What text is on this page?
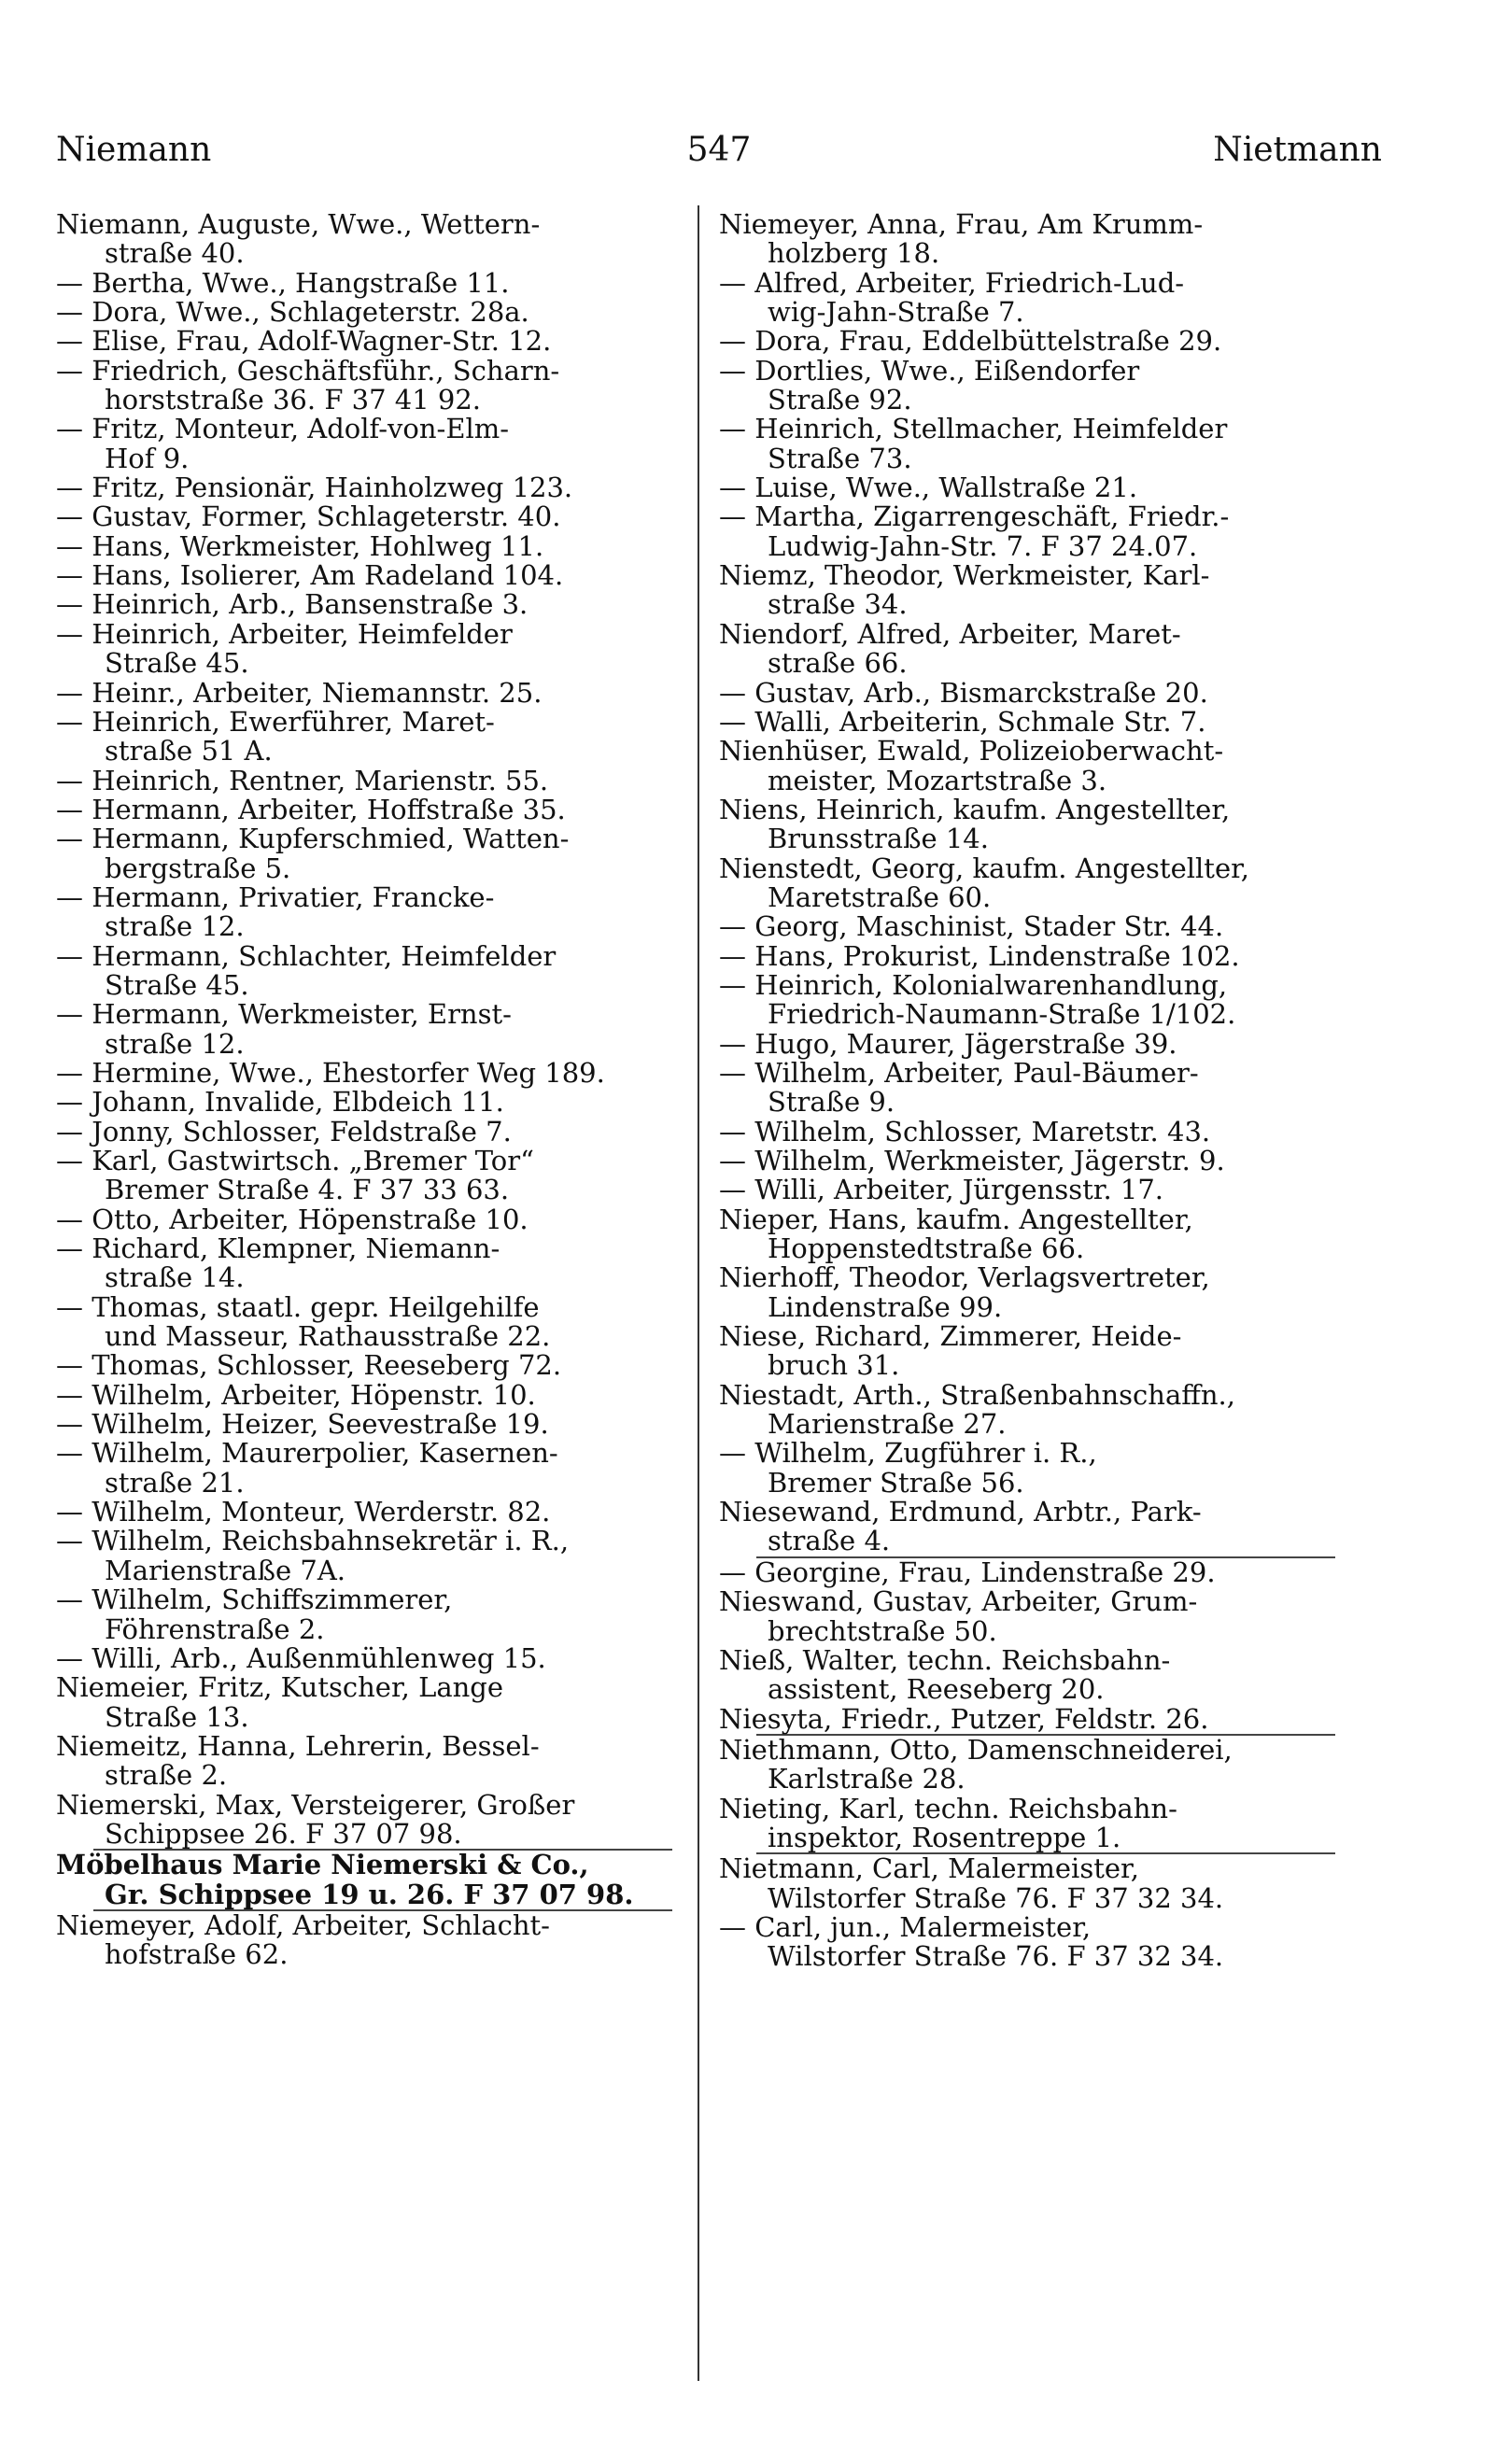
Niemann	547	Nietmann
Niemann, Auguste, Wwe., Wettern-
straße 40.
— Bertha, Wwe., Hangstraße 11.
— Dora, Wwe., Schlageterstr. 28a.
— Elise, Frau, Adolf-Wagner-Str. 12.
— Friedrich, Geschäftsführ., Scharn-
horststraße 36. F 37 41 92.
— Fritz, Monteur, Adolf-von-Elm-
Hof 9.
— Fritz, Pensionär, Hainholzweg 123.
— Gustav, Former, Schlageterstr. 40.
— Hans, Werkmeister, Hohlweg 11.
— Hans, Isolierer, Am Radeland 104.
— Heinrich, Arb., Bansenstraße 3.
— Heinrich, Arbeiter, Heimfelder
Straße 45.
— Heinr., Arbeiter, Niemannstr. 25.
— Heinrich, Ewerführer, Maret-
straße 51 A.
— Heinrich, Rentner, Marienstr. 55.
— Hermann, Arbeiter, Hoffstraße 35.
— Hermann, Kupferschmied, Watten-
bergstraße 5.
— Hermann, Privatier, Francke-
straße 12.
— Hermann, Schlachter, Heimfelder
Straße 45.
— Hermann, Werkmeister, Ernst-
straße 12.
— Hermine, Wwe., Ehestorfer Weg 189.
— Johann, Invalide, Elbdeich 11.
— Jonny, Schlosser, Feldstraße 7.
— Karl, Gastwirtsch. „Bremer Tor“
Bremer Straße 4. F 37 33 63.
— Otto, Arbeiter, Höpenstraße 10.
— Richard, Klempner, Niemann-
straße 14.
— Thomas, staatl. gepr. Heilgehilfe
und Masseur, Rathausstraße 22.
— Thomas, Schlosser, Reeseberg 72.
— Wilhelm, Arbeiter, Höpenstr. 10.
— Wilhelm, Heizer, Seevestraße 19.
— Wilhelm, Maurerpolier, Kasernen-
straße 21.
— Wilhelm, Monteur, Werderstr. 82.
— Wilhelm, Reichsbahnsekretär i. R.,
Marienstraße 7A.
— Wilhelm, Schiffszimmerer,
Föhrenstraße 2.
— Willi, Arb., Außenmühlenweg 15.
Niemeier, Fritz, Kutscher, Lange
Straße 13.
Niemeitz, Hanna, Lehrerin, Bessel-
straße 2.
Niemerski, Max, Versteigerer, Großer
Schippsee 26. F 37 07 98.
Möbelhaus Marie Niemerski & Co.,
Gr. Schippsee 19 u. 26. F 37 07 98.
Niemeyer, Adolf, Arbeiter, Schlacht-
hofstraße 62.
Niemeyer, Anna, Frau, Am Krumm-
holzberg 18.
— Alfred, Arbeiter, Friedrich-Lud-
wig-Jahn-Straße 7.
— Dora, Frau, Eddelbüttelstraße 29.
— Dortlies, Wwe., Eißendorfer
Straße 92.
— Heinrich, Stellmacher, Heimfelder
Straße 73.
— Luise, Wwe., Wallstraße 21.
— Martha, Zigarrengeschäft, Friedr.-
Ludwig-Jahn-Str. 7. F 37 24.07.
Niemz, Theodor, Werkmeister, Karl-
straße 34.
Niendorf, Alfred, Arbeiter, Maret-
straße 66.
— Gustav, Arb., Bismarckstraße 20.
— Walli, Arbeiterin, Schmale Str. 7.
Nienhüser, Ewald, Polizeioberwacht-
meister, Mozartstraße 3.
Niens, Heinrich, kaufm. Angestellter,
Brunsstraße 14.
Nienstedt, Georg, kaufm. Angestellter,
Maretstraße 60.
— Georg, Maschinist, Stader Str. 44.
— Hans, Prokurist, Lindenstraße 102.
— Heinrich, Kolonialwarenhandlung,
Friedrich-Naumann-Straße 1/102.
— Hugo, Maurer, Jägerstraße 39.
— Wilhelm, Arbeiter, Paul-Bäumer-
Straße 9.
— Wilhelm, Schlosser, Maretstr. 43.
— Wilhelm, Werkmeister, Jägerstr. 9.
— Willi, Arbeiter, Jürgensstr. 17.
Nieper, Hans, kaufm. Angestellter,
Hoppenstedtstraße 66.
Nierhoff, Theodor, Verlagsvertreter,
Lindenstraße 99.
Niese, Richard, Zimmerer, Heide-
bruch 31.
Niestadt, Arth., Straßenbahnschaffn.,
Marienstraße 27.
— Wilhelm, Zugführer i. R.,
Bremer Straße 56.
Niesewand, Erdmund, Arbtr., Park-
straße 4.
— Georgine, Frau, Lindenstraße 29.
Nieswand, Gustav, Arbeiter, Grum-
brechtstraße 50.
Nieß, Walter, techn. Reichsbahn-
assistent, Reeseberg 20.
Niesyta, Friedr., Putzer, Feldstr. 26.
Niethmann, Otto, Damenschneiderei,
Karlstraße 28.
Nieting, Karl, techn. Reichsbahn-
inspektor, Rosentreppe 1.
Nietmann, Carl, Malermeister,
Wilstorfer Straße 76. F 37 32 34.
— Carl, jun., Malermeister,
Wilstorfer Straße 76. F 37 32 34.
